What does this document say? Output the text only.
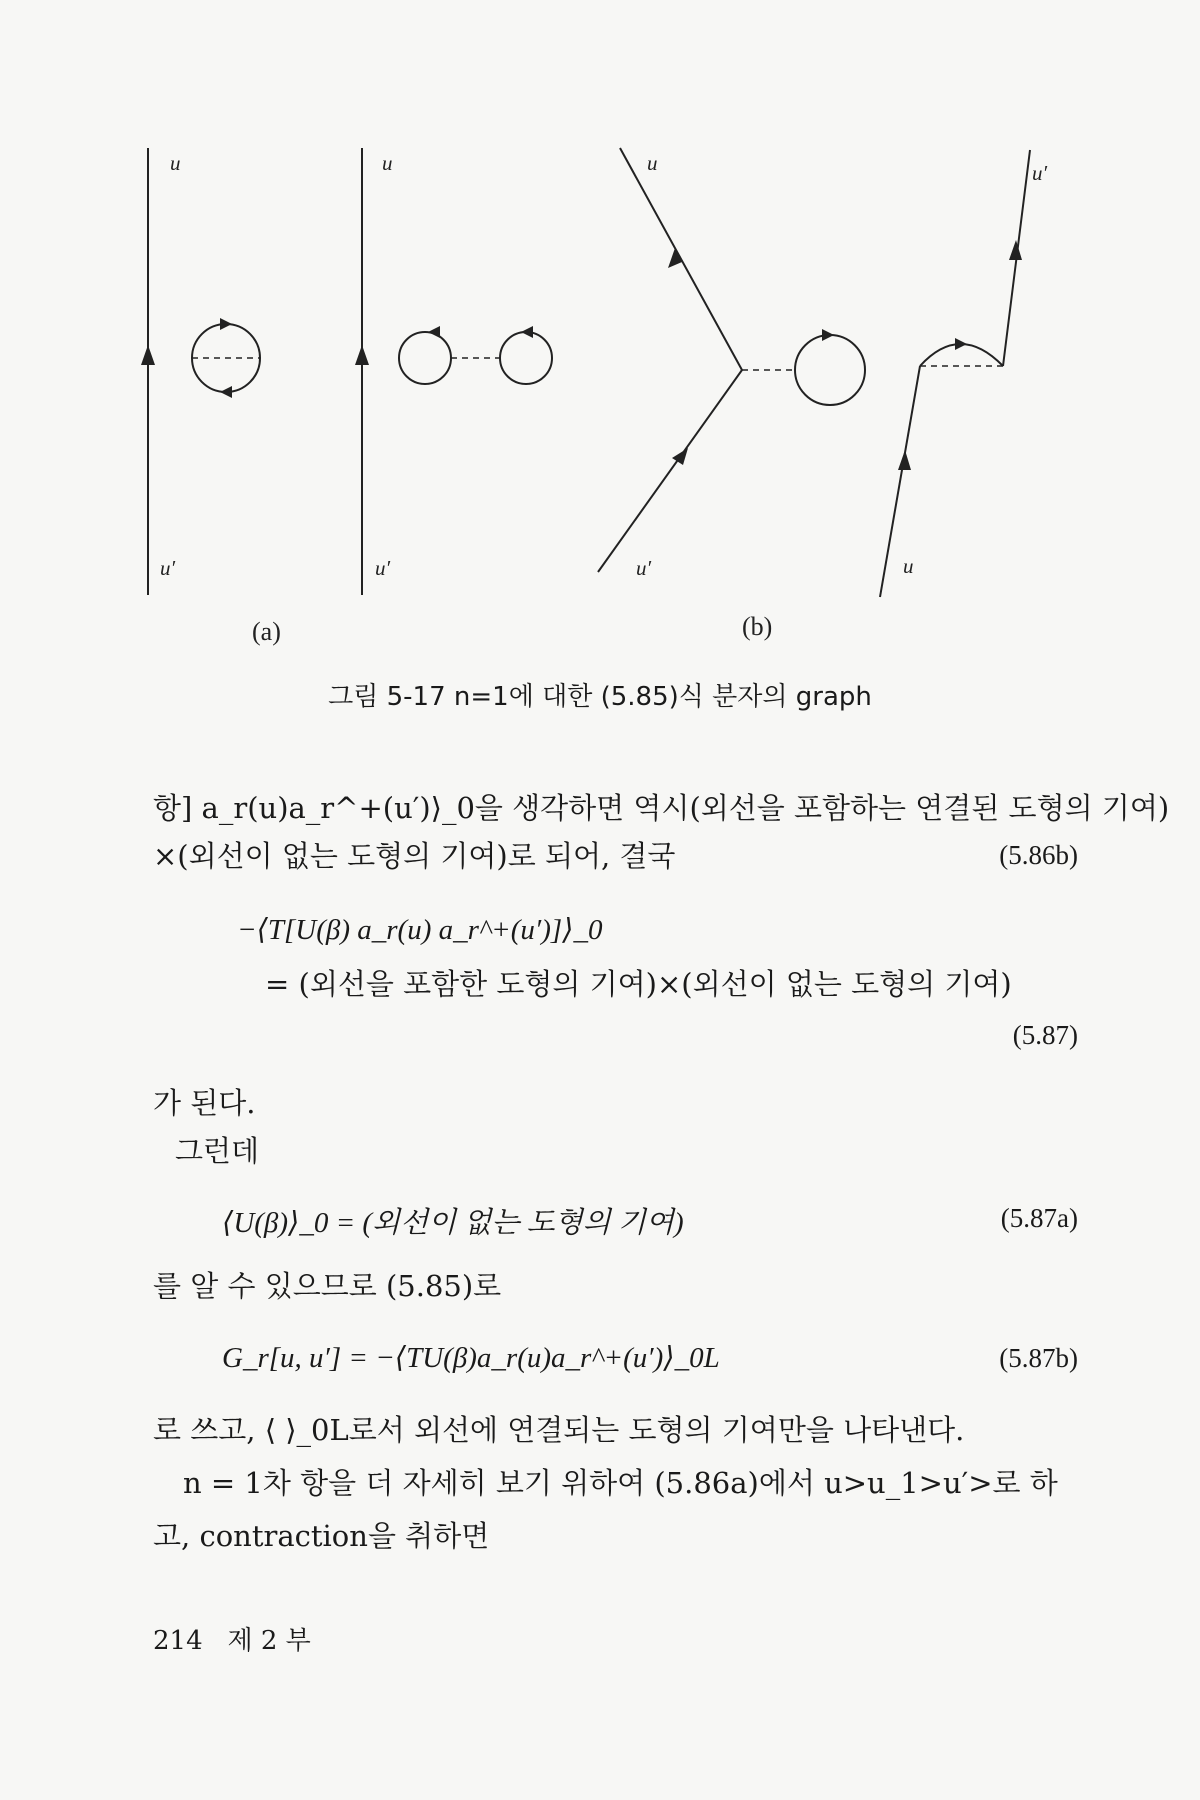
u
u′
u
u′
u
u′
u′
u
(a)	(b)
그림 5-17 n=1에 대한 (5.85)식 분자의 graph
항] a_r(u)a_r^+(u′)⟩_0을 생각하면 역시(외선을 포함하는 연결된 도형의 기여)
×(외선이 없는 도형의 기여)로 되어, 결국	(5.86b)
−⟨T[U(β) a_r(u) a_r^+(u′)]⟩_0
= (외선을 포함한 도형의 기여)×(외선이 없는 도형의 기여)
(5.87)
가 된다.
그런데
⟨U(β)⟩_0 = (외선이 없는 도형의 기여)	(5.87a)
를 알 수 있으므로 (5.85)로
G_r[u, u′] = −⟨TU(β)a_r(u)a_r^+(u′)⟩_0L	(5.87b)
로 쓰고, ⟨ ⟩_0L로서 외선에 연결되는 도형의 기여만을 나타낸다.
n = 1차 항을 더 자세히 보기 위하여 (5.86a)에서 u>u_1>u′>로 하
고, contraction을 취하면
214 제 2 부
